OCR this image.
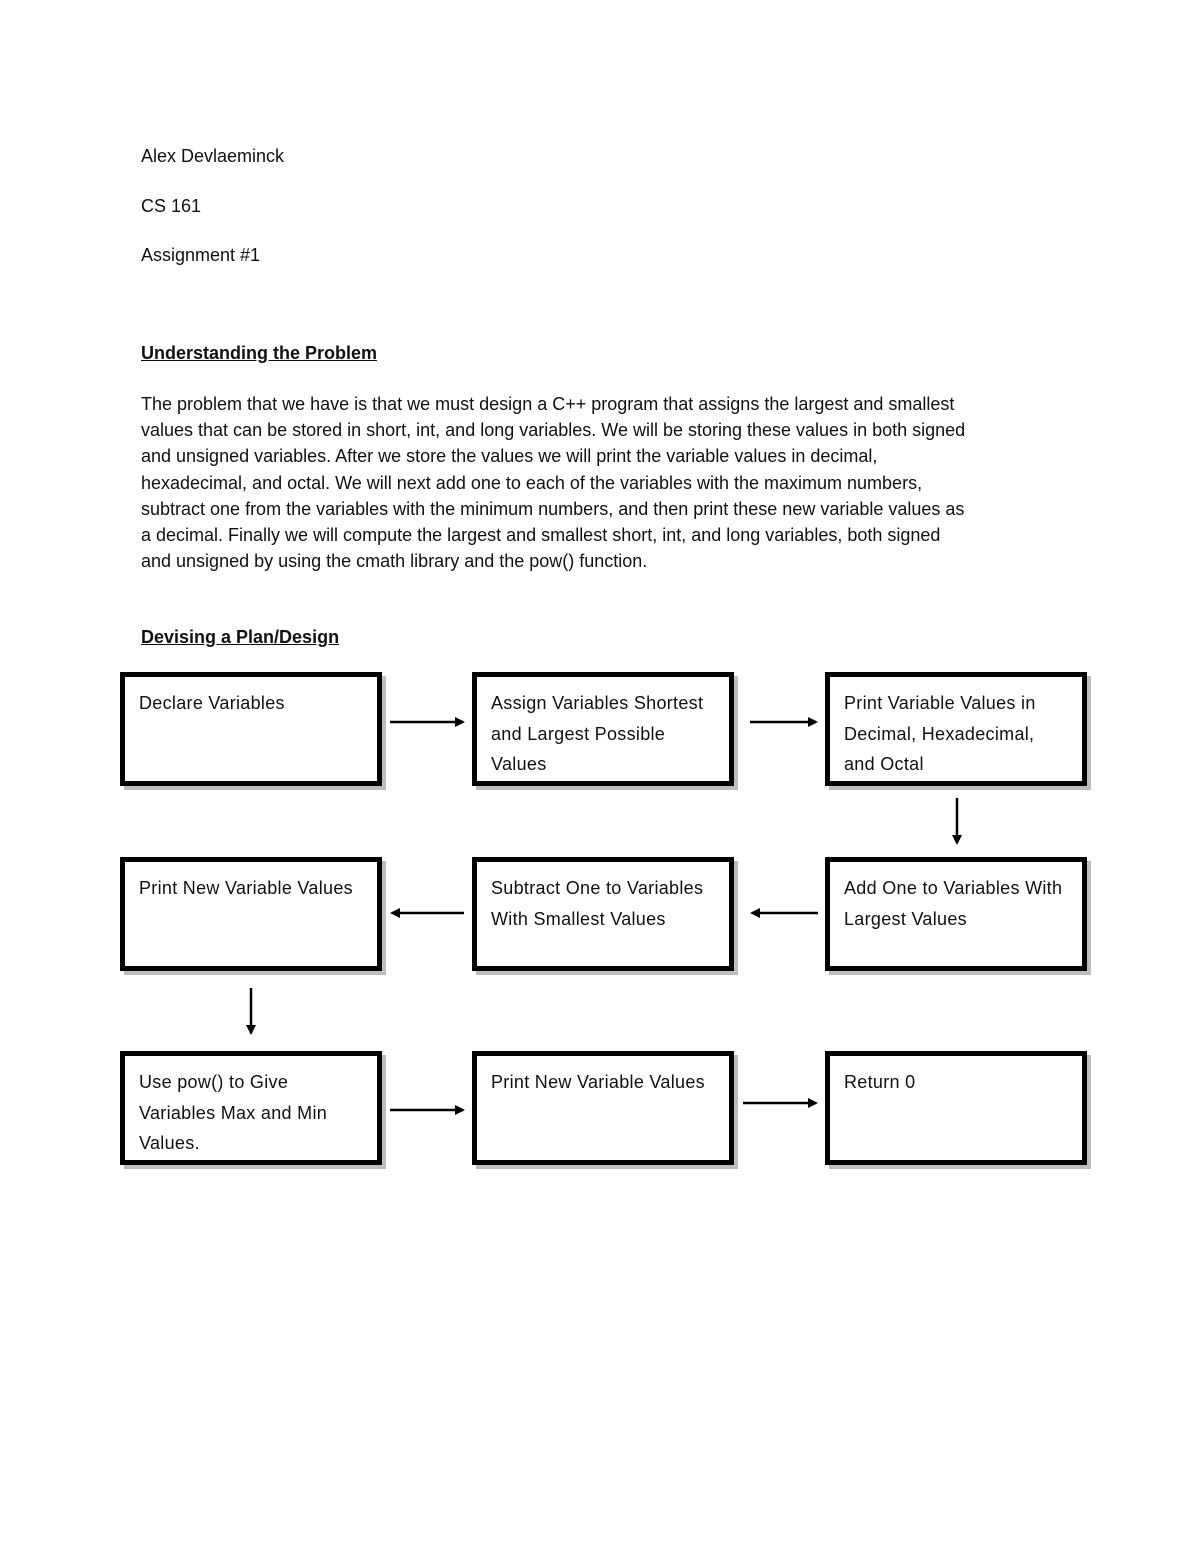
Alex Devlaeminck
CS 161
Assignment #1
Understanding the Problem
The problem that we have is that we must design a C++ program that assigns the largest and smallest
values that can be stored in short, int, and long variables. We will be storing these values in both signed
and unsigned variables. After we store the values we will print the variable values in decimal,
hexadecimal, and octal. We will next add one to each of the variables with the maximum numbers,
subtract one from the variables with the minimum numbers, and then print these new variable values as
a decimal. Finally we will compute the largest and smallest short, int, and long variables, both signed
and unsigned by using the cmath library and the pow() function.
Devising a Plan/Design
Declare Variables	Assign Variables Shortest and Largest Possible Values
Print Variable Values in Decimal, Hexadecimal, and Octal
Print New Variable Values	Subtract One to Variables With Smallest Values
Add One to Variables With Largest Values
Use pow() to Give Variables Max and Min Values.
Print New Variable Values	Return 0
